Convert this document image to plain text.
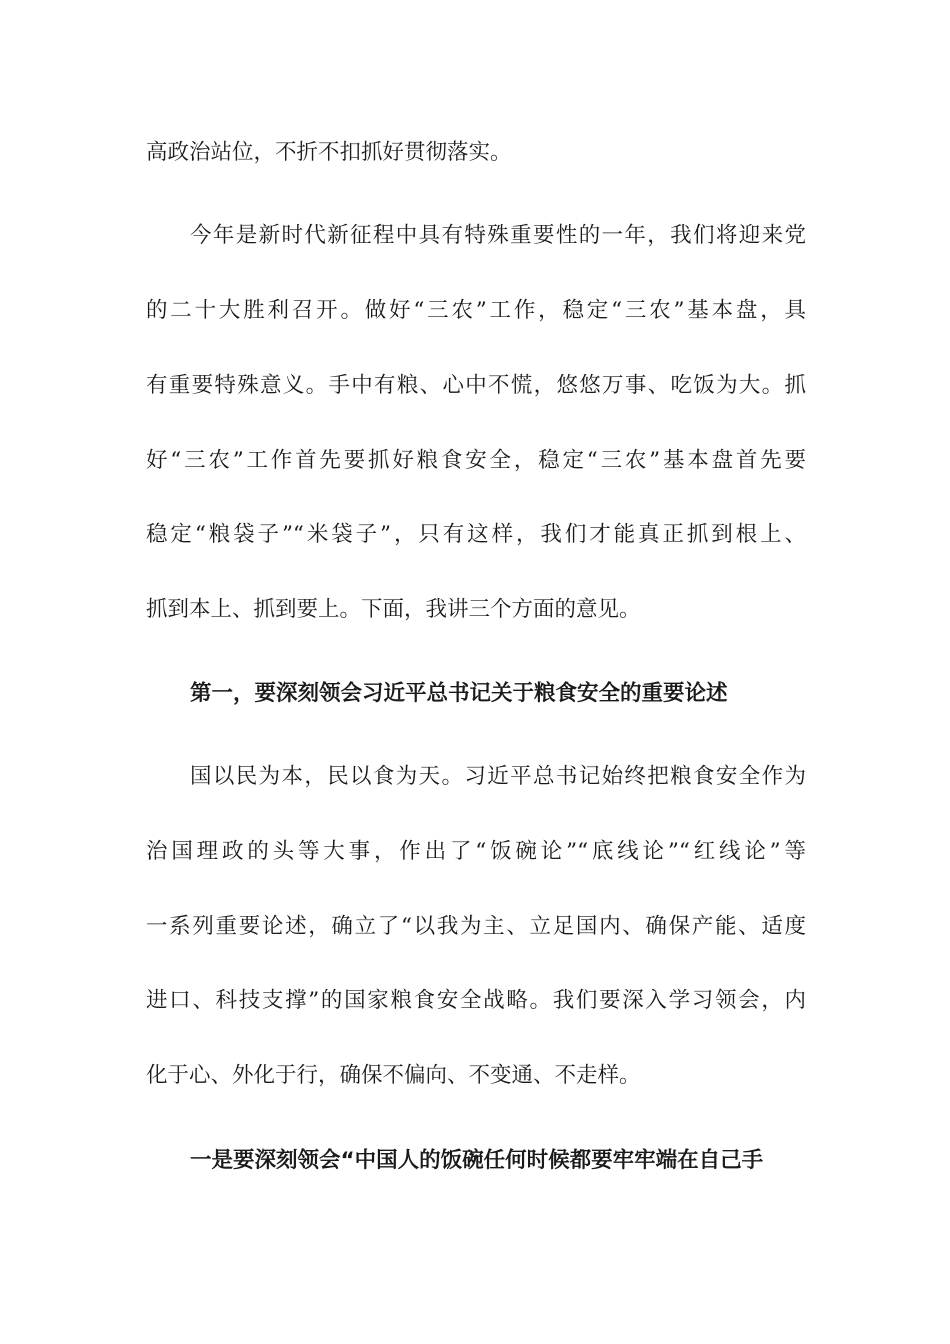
高政治站位，不折不扣抓好贯彻落实。
今年是新时代新征程中具有特殊重要性的一年，我们将迎来党
的二十大胜利召开。做好“三农”工作，稳定“三农”基本盘，具
有重要特殊意义。手中有粮、心中不慌，悠悠万事、吃饭为大。抓
好“三农”工作首先要抓好粮食安全，稳定“三农”基本盘首先要
稳定“粮袋子”“米袋子”，只有这样，我们才能真正抓到根上、
抓到本上、抓到要上。下面，我讲三个方面的意见。
第一，要深刻领会习近平总书记关于粮食安全的重要论述
国以民为本，民以食为天。习近平总书记始终把粮食安全作为
治国理政的头等大事，作出了“饭碗论”“底线论”“红线论”等
一系列重要论述，确立了“以我为主、立足国内、确保产能、适度
进口、科技支撑”的国家粮食安全战略。我们要深入学习领会，内
化于心、外化于行，确保不偏向、不变通、不走样。
一是要深刻领会“中国人的饭碗任何时候都要牢牢端在自己手
